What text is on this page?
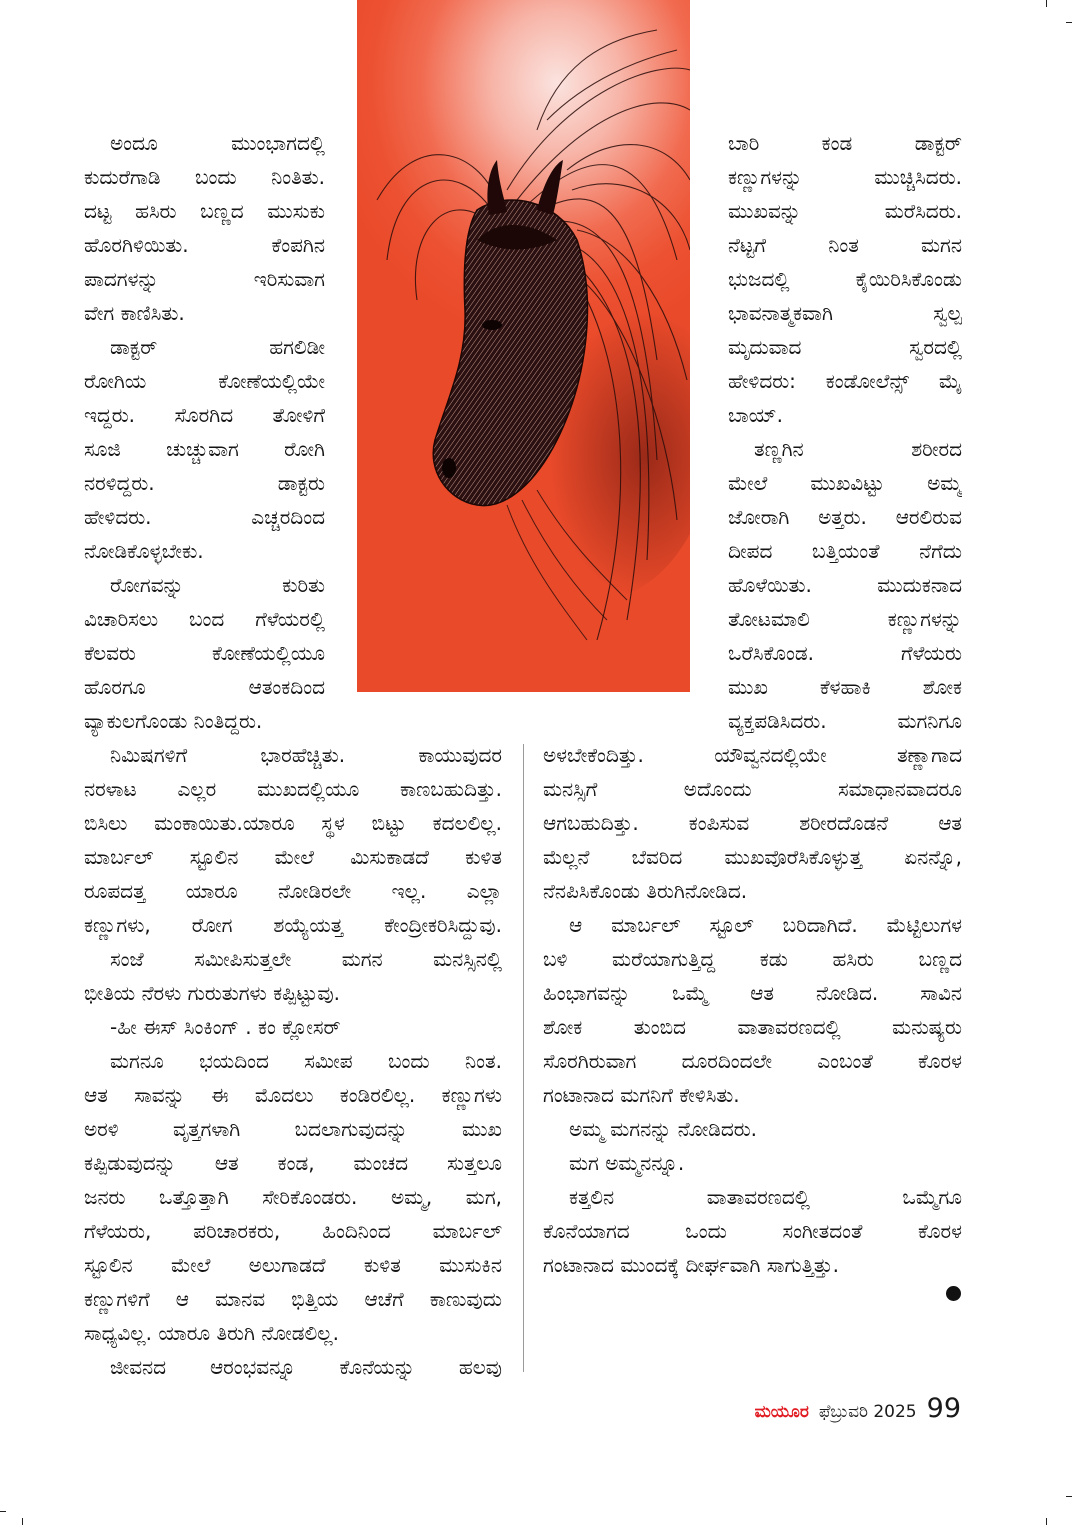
ಅಂದೂ ಮುಂಭಾಗದಲ್ಲಿ

ಕುದುರೆಗಾಡಿ ಬಂದು ನಿಂತಿತು.

ದಟ್ಟ ಹಸಿರು ಬಣ್ಣದ ಮುಸುಕು

ಹೊರಗಿಳಿಯಿತು. ಕೆಂಪಗಿನ

ಪಾದಗಳನ್ನು ಇರಿಸುವಾಗ

ವೇಗ ಕಾಣಿಸಿತು.

ಡಾಕ್ಟರ್ ಹಗಲಿಡೀ

ರೋಗಿಯ ಕೋಣೆಯಲ್ಲಿಯೇ

ಇದ್ದರು. ಸೊರಗಿದ ತೋಳಿಗೆ

ಸೂಜಿ ಚುಚ್ಚುವಾಗ ರೋಗಿ

ನರಳಿದ್ದರು. ಡಾಕ್ಟರು

ಹೇಳಿದರು. ಎಚ್ಚರದಿಂದ

ನೋಡಿಕೊಳ್ಳಬೇಕು.

ರೋಗವನ್ನು ಕುರಿತು

ವಿಚಾರಿಸಲು ಬಂದ ಗೆಳೆಯರಲ್ಲಿ

ಕೆಲವರು ಕೋಣೆಯಲ್ಲಿಯೂ

ಹೊರಗೂ ಆತಂಕದಿಂದ

ವ್ಯಾಕುಲಗೊಂಡು ನಿಂತಿದ್ದರು.

ನಿಮಿಷಗಳಿಗೆ ಭಾರಹೆಚ್ಚಿತು. ಕಾಯುವುದರ

ನರಳಾಟ ಎಲ್ಲರ ಮುಖದಲ್ಲಿಯೂ ಕಾಣಬಹುದಿತ್ತು.

ಬಿಸಿಲು ಮಂಕಾಯಿತು.ಯಾರೂ ಸ್ಥಳ ಬಿಟ್ಟು ಕದಲಲಿಲ್ಲ.

ಮಾರ್ಬಲ್ ಸ್ಟೂಲಿನ ಮೇಲೆ ಮಿಸುಕಾಡದೆ ಕುಳಿತ

ರೂಪದತ್ತ ಯಾರೂ ನೋಡಿರಲೇ ಇಲ್ಲ. ಎಲ್ಲಾ

ಕಣ್ಣುಗಳು, ರೋಗ ಶಯ್ಯೆಯತ್ತ ಕೇಂದ್ರೀಕರಿಸಿದ್ದುವು.

ಸಂಜೆ ಸಮೀಪಿಸುತ್ತಲೇ ಮಗನ ಮನಸ್ಸಿನಲ್ಲಿ

ಭೀತಿಯ ನೆರಳು ಗುರುತುಗಳು ಕಪ್ಪಿಟ್ಟುವು.

-ಹೀ ಈಸ್ ಸಿಂಕಿಂಗ್ . ಕಂ ಕ್ಲೋಸರ್

ಮಗನೂ ಭಯದಿಂದ ಸಮೀಪ ಬಂದು ನಿಂತ.

ಆತ ಸಾವನ್ನು ಈ ಮೊದಲು ಕಂಡಿರಲಿಲ್ಲ. ಕಣ್ಣುಗಳು

ಅರಳಿ ವೃತ್ತಗಳಾಗಿ ಬದಲಾಗುವುದನ್ನು ಮುಖ

ಕಪ್ಪಿಡುವುದನ್ನು ಆತ ಕಂಡ, ಮಂಚದ ಸುತ್ತಲೂ

ಜನರು ಒತ್ತೊತ್ತಾಗಿ ಸೇರಿಕೊಂಡರು. ಅಮ್ಮ, ಮಗ,

ಗೆಳೆಯರು, ಪರಿಚಾರಕರು, ಹಿಂದಿನಿಂದ ಮಾರ್ಬಲ್

ಸ್ಟೂಲಿನ ಮೇಲೆ ಅಲುಗಾಡದೆ ಕುಳಿತ ಮುಸುಕಿನ

ಕಣ್ಣುಗಳಿಗೆ ಆ ಮಾನವ ಭಿತ್ತಿಯ ಆಚೆಗೆ ಕಾಣುವುದು

ಸಾಧ್ಯವಿಲ್ಲ. ಯಾರೂ ತಿರುಗಿ ನೋಡಲಿಲ್ಲ.

ಜೀವನದ ಆರಂಭವನ್ನೂ ಕೊನೆಯನ್ನು ಹಲವು

ಬಾರಿ ಕಂಡ ಡಾಕ್ಟರ್

ಕಣ್ಣುಗಳನ್ನು ಮುಚ್ಚಿಸಿದರು.

ಮುಖವನ್ನು ಮರೆಸಿದರು.

ನೆಟ್ಟಗೆ ನಿಂತ ಮಗನ

ಭುಜದಲ್ಲಿ ಕೈಯಿರಿಸಿಕೊಂಡು

ಭಾವನಾತ್ಮಕವಾಗಿ ಸ್ವಲ್ಪ

ಮೃದುವಾದ ಸ್ವರದಲ್ಲಿ

ಹೇಳಿದರು: ಕಂಡೋಲೆನ್ಸ್ ಮೈ

ಬಾಯ್.

ತಣ್ಣಗಿನ ಶರೀರದ

ಮೇಲೆ ಮುಖವಿಟ್ಟು ಅಮ್ಮ

ಜೋರಾಗಿ ಅತ್ತರು. ಆರಲಿರುವ

ದೀಪದ ಬತ್ತಿಯಂತೆ ನೆಗೆದು

ಹೊಳೆಯಿತು. ಮುದುಕನಾದ

ತೋಟಮಾಲಿ ಕಣ್ಣುಗಳನ್ನು

ಒರೆಸಿಕೊಂಡ. ಗೆಳೆಯರು

ಮುಖ ಕೆಳಹಾಕಿ ಶೋಕ

ವ್ಯಕ್ತಪಡಿಸಿದರು. ಮಗನಿಗೂ

ಅಳಬೇಕೆಂದಿತ್ತು. ಯೌವ್ವನದಲ್ಲಿಯೇ ತಣ್ಣಾಗಾದ

ಮನಸ್ಸಿಗೆ ಅದೊಂದು ಸಮಾಧಾನವಾದರೂ

ಆಗಬಹುದಿತ್ತು. ಕಂಪಿಸುವ ಶರೀರದೊಡನೆ ಆತ

ಮೆಲ್ಲನೆ ಬೆವರಿದ ಮುಖವೊರೆಸಿಕೊಳ್ಳುತ್ತ ಏನನ್ನೊ,

ನೆನಪಿಸಿಕೊಂಡು ತಿರುಗಿನೋಡಿದ.

ಆ ಮಾರ್ಬಲ್ ಸ್ಟೂಲ್ ಬರಿದಾಗಿದೆ. ಮೆಟ್ಟಿಲುಗಳ

ಬಳಿ ಮರೆಯಾಗುತ್ತಿದ್ದ ಕಡು ಹಸಿರು ಬಣ್ಣದ

ಹಿಂಭಾಗವನ್ನು ಒಮ್ಮೆ ಆತ ನೋಡಿದ. ಸಾವಿನ

ಶೋಕ ತುಂಬಿದ ವಾತಾವರಣದಲ್ಲಿ ಮನುಷ್ಯರು

ಸೊರಗಿರುವಾಗ ದೂರದಿಂದಲೇ ಎಂಬಂತೆ ಕೊರಳ

ಗಂಟಾನಾದ ಮಗನಿಗೆ ಕೇಳಿಸಿತು.

ಅಮ್ಮ ಮಗನನ್ನು ನೋಡಿದರು.

ಮಗ ಅಮ್ಮನನ್ನೂ.

ಕತ್ತಲಿನ ವಾತಾವರಣದಲ್ಲಿ ಒಮ್ಮೆಗೂ

ಕೊನೆಯಾಗದ ಒಂದು ಸಂಗೀತದಂತೆ ಕೊರಳ

ಗಂಟಾನಾದ ಮುಂದಕ್ಕೆ ದೀರ್ಘವಾಗಿ ಸಾಗುತ್ತಿತ್ತು.

ಮಯೂರ ಫೆಬ್ರುವರಿ 2025 99
